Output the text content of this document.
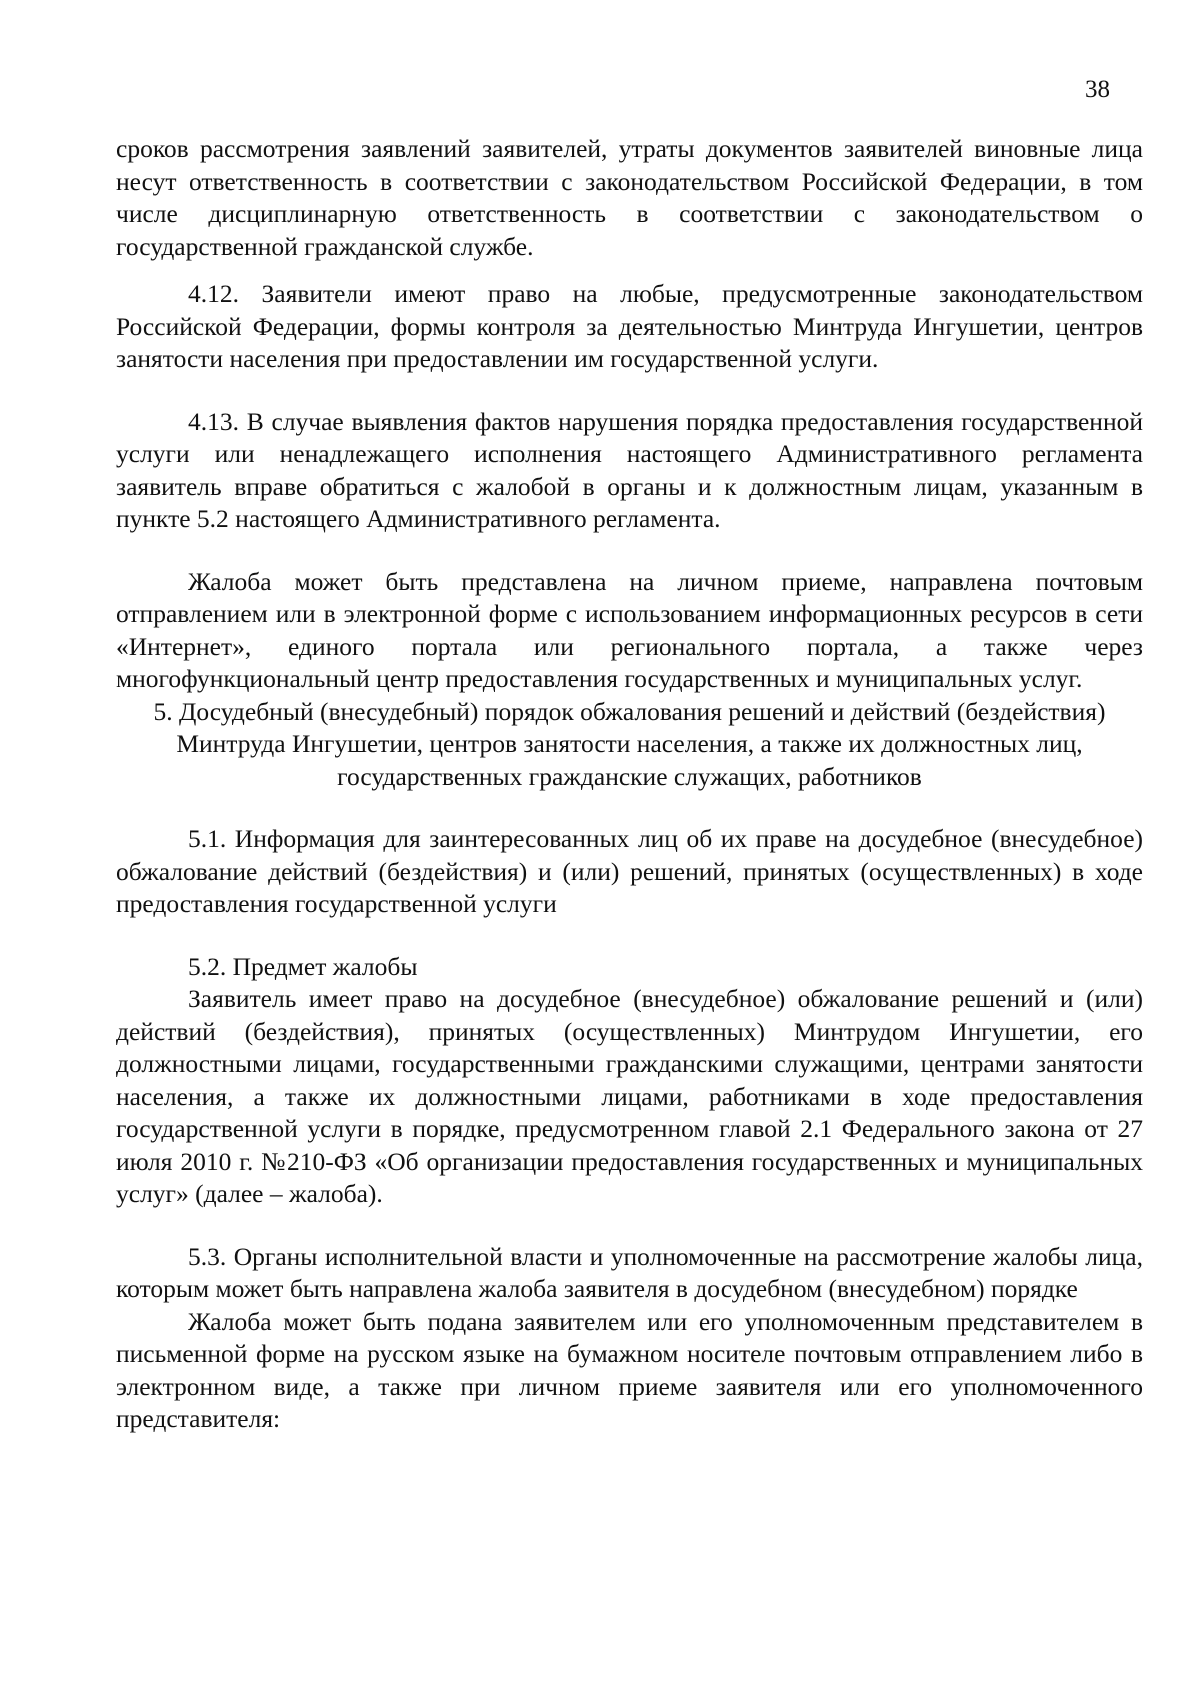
38

сроков рассмотрения заявлений заявителей, утраты документов заявителей виновные лица несут ответственность в соответствии с законодательством Российской Федерации, в том числе дисциплинарную ответственность в соответствии с законодательством о государственной гражданской службе.

4.12. Заявители имеют право на любые, предусмотренные законодательством Российской Федерации, формы контроля за деятельностью Минтруда Ингушетии, центров занятости населения при предоставлении им государственной услуги.

4.13. В случае выявления фактов нарушения порядка предоставления государственной услуги или ненадлежащего исполнения настоящего Административного регламента заявитель вправе обратиться с жалобой в органы и к должностным лицам, указанным в пункте 5.2 настоящего Административного регламента.

Жалоба может быть представлена на личном приеме, направлена почтовым отправлением или в электронной форме с использованием информационных ресурсов в сети «Интернет», единого портала или регионального портала, а также через многофункциональный центр предоставления государственных и муниципальных услуг.

5. Досудебный (внесудебный) порядок обжалования решений и действий (бездействия) Минтруда Ингушетии, центров занятости населения, а также их должностных лиц, государственных гражданские служащих, работников

5.1. Информация для заинтересованных лиц об их праве на досудебное (внесудебное) обжалование действий (бездействия) и (или) решений, принятых (осуществленных) в ходе предоставления государственной услуги

5.2. Предмет жалобы

Заявитель имеет право на досудебное (внесудебное) обжалование решений и (или) действий (бездействия), принятых (осуществленных) Минтрудом Ингушетии, его должностными лицами, государственными гражданскими служащими, центрами занятости населения, а также их должностными лицами, работниками в ходе предоставления государственной услуги в порядке, предусмотренном главой 2.1 Федерального закона от 27 июля 2010 г. №210-ФЗ «Об организации предоставления государственных и муниципальных услуг» (далее – жалоба).

5.3. Органы исполнительной власти и уполномоченные на рассмотрение жалобы лица, которым может быть направлена жалоба заявителя в досудебном (внесудебном) порядке

Жалоба может быть подана заявителем или его уполномоченным представителем в письменной форме на русском языке на бумажном носителе почтовым отправлением либо в электронном виде, а также при личном приеме заявителя или его уполномоченного представителя:
